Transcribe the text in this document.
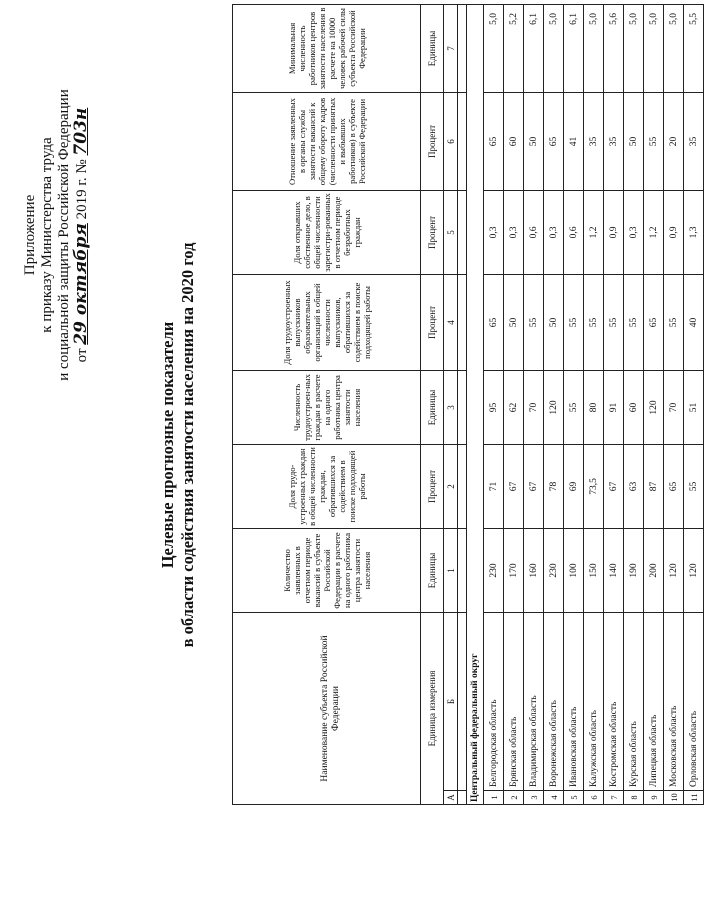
Приложение к приказу Министерства труда и социальной защиты Российской Федерации от 29 октября 2019 г. № 703н
Целевые прогнозные показатели в области содействия занятости населения на 2020 год
Наименование субъекта Российской Федерации		Количество заявленных в отчетном периоде вакансий в субъекте Российской Федерации в расчете на одного работника центра занятости населения	Доля трудо-устроенных граждан в общей численности граждан, обратившихся за содействием в поиске подходящей работы	Численность трудоустроен-ных граждан в расчете на одного работника центра занятости населения	Доля трудоустроенных выпускников образовательных организаций в общей численности выпускников, обратившихся за содействием в поиске подходящей работы	Доля открывших собственное дело, в общей численности зарегистри-рованных в отчетном периоде безработных граждан	Отношение заявленных в органы службы занятости вакансий к общему обороту кадров (численности принятых и выбывших работников) в субъекте Российской Федерации	Минимальная численность работников центров занятости населения в расчете на 10000 человек рабочей силы субъекта Российской Федерации
Единица измерения		Единицы	Процент	Единицы	Процент	Процент	Процент	Единицы
А	Б	1	2	3	4	5	6	7

Центральный федеральный округ								
1	Белгородская область	230	71	95	65	0,3	65	5,0
2	Брянская область	170	67	62	50	0,3	60	5,2
3	Владимирская область	160	67	70	55	0,6	50	6,1
4	Воронежская область	230	78	120	50	0,3	65	5,0
5	Ивановская область	100	69	55	55	0,6	41	6,1
6	Калужская область	150	73,5	80	55	1,2	35	5,0
7	Костромская область	140	67	91	55	0,9	35	5,6
8	Курская область	190	63	60	55	0,3	50	5,0
9	Липецкая область	200	87	120	65	1,2	55	5,0
10	Московская область	120	65	70	55	0,9	20	5,0
11	Орловская область	120	55	51	40	1,3	35	5,5
